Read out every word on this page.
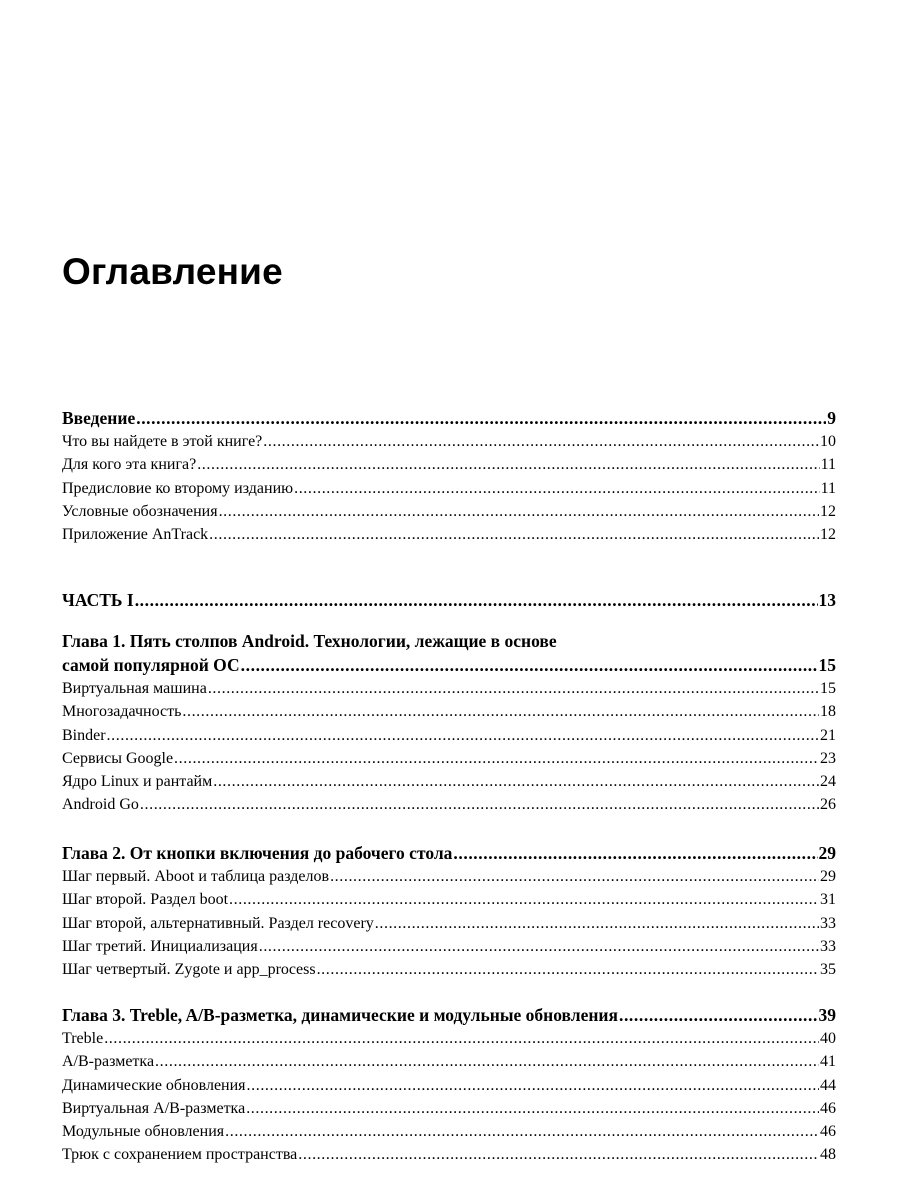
Оглавление
Введение .....	9
Что вы найдете в этой книге? .....	10
Для кого эта книга? .....	11
Предисловие ко второму изданию .....	11
Условные обозначения .....	12
Приложение AnTrack .....	12
ЧАСТЬ I .....	13
Глава 1. Пять столпов Android. Технологии, лежащие в основе
самой популярной ОС .....	15
Виртуальная машина .....	15
Многозадачность .....	18
Binder .....	21
Сервисы Google .....	23
Ядро Linux и рантайм .....	24
Android Go .....	26
Глава 2. От кнопки включения до рабочего стола .....	29
Шаг первый. Aboot и таблица разделов .....	29
Шаг второй. Раздел boot .....	31
Шаг второй, альтернативный. Раздел recovery .....	33
Шаг третий. Инициализация .....	33
Шаг четвертый. Zygote и app_process .....	35
Глава 3. Treble, A/B-разметка, динамические и модульные обновления .....	39
Treble .....	40
A/B-разметка .....	41
Динамические обновления .....	44
Виртуальная A/B-разметка .....	46
Модульные обновления .....	46
Трюк с сохранением пространства .....	48
